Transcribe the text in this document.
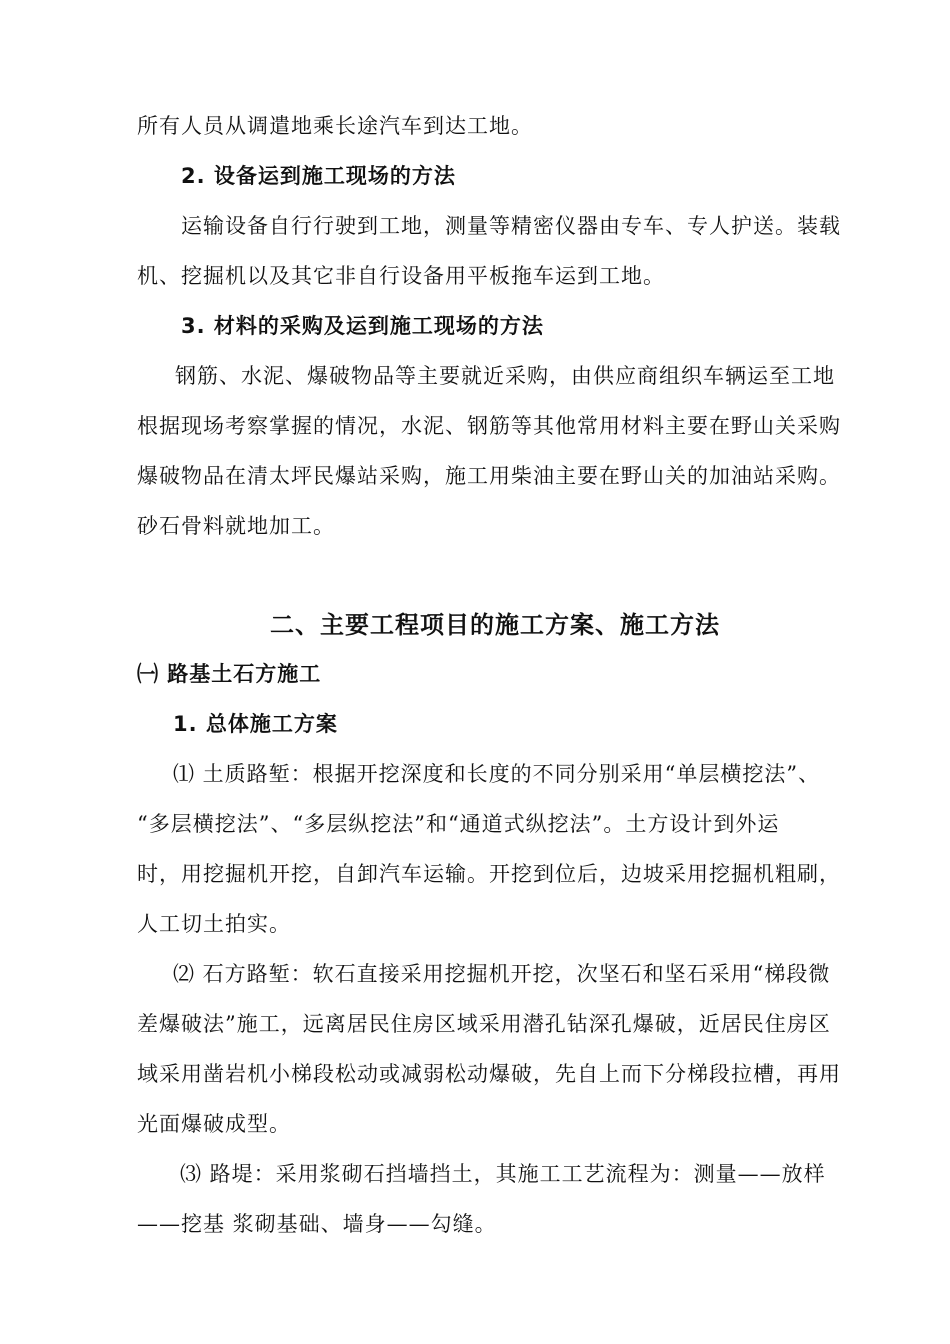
所有人员从调遣地乘长途汽车到达工地。
2. 设备运到施工现场的方法
运输设备自行行驶到工地，测量等精密仪器由专车、专人护送。装载
机、挖掘机以及其它非自行设备用平板拖车运到工地。
3. 材料的采购及运到施工现场的方法
钢筋、水泥、爆破物品等主要就近采购，由供应商组织车辆运至工地
根据现场考察掌握的情况，水泥、钢筋等其他常用材料主要在野山关采购
爆破物品在清太坪民爆站采购，施工用柴油主要在野山关的加油站采购。
砂石骨料就地加工。
二、主要工程项目的施工方案、施工方法
㈠ 路基土石方施工
1. 总体施工方案
⑴ 土质路堑：根据开挖深度和长度的不同分别采用“单层横挖法”、
“多层横挖法”、“多层纵挖法”和“通道式纵挖法”。土方设计到外运
时，用挖掘机开挖，自卸汽车运输。开挖到位后，边坡采用挖掘机粗刷，
人工切土拍实。
⑵ 石方路堑：软石直接采用挖掘机开挖，次坚石和坚石采用“梯段微
差爆破法”施工，远离居民住房区域采用潜孔钻深孔爆破，近居民住房区
域采用凿岩机小梯段松动或减弱松动爆破，先自上而下分梯段拉槽，再用
光面爆破成型。
⑶ 路堤：采用浆砌石挡墙挡土，其施工工艺流程为：测量——放样
——挖基 浆砌基础、墙身——勾缝。
